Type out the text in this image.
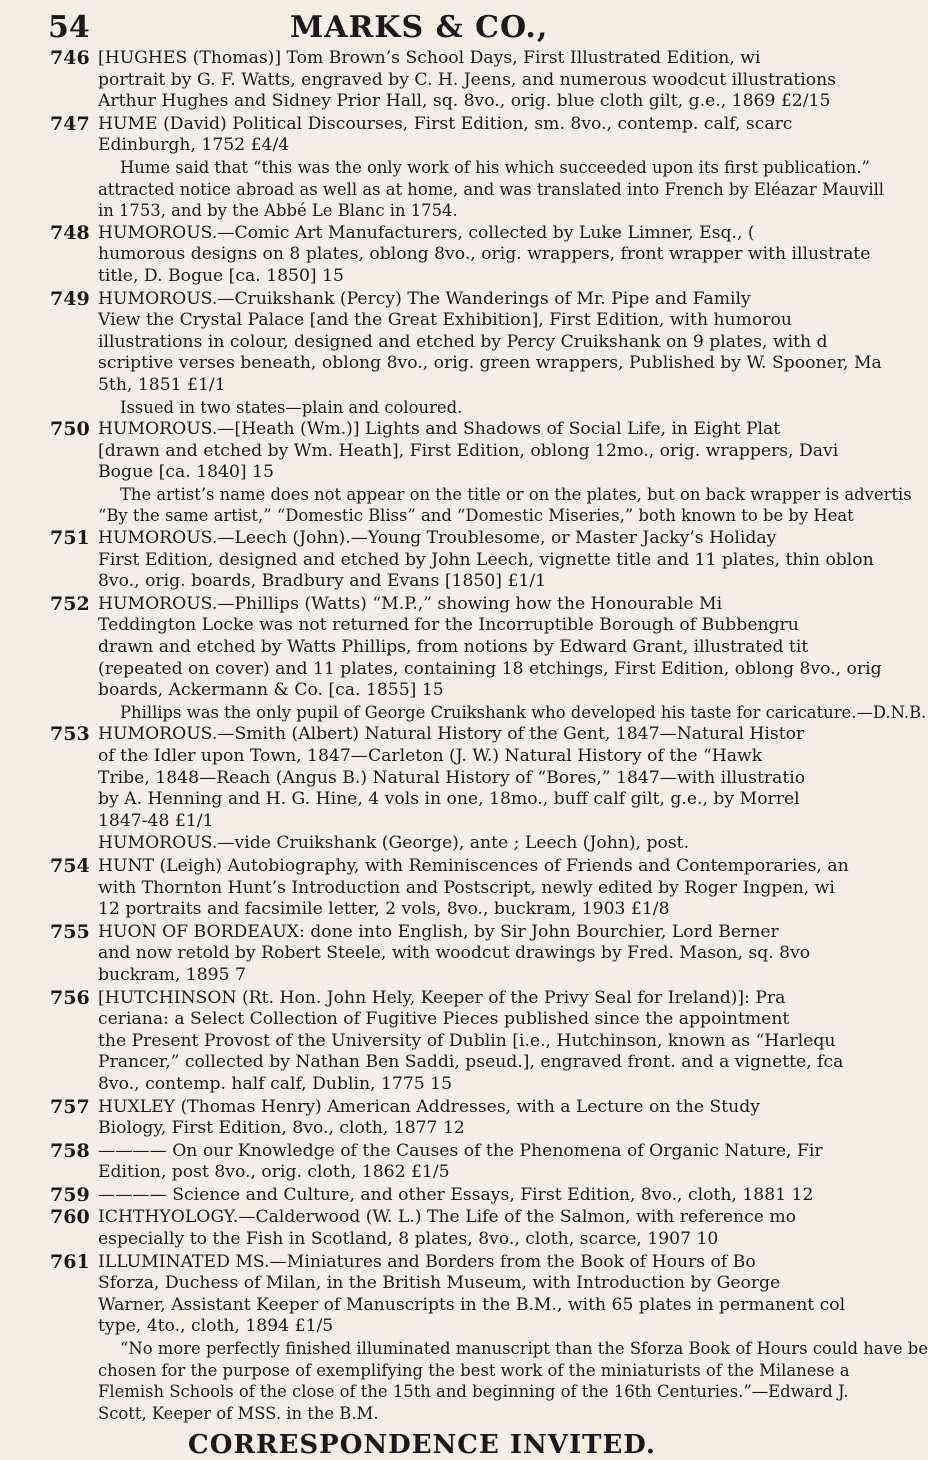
54	MARKS & CO.,
746 [HUGHES (Thomas)] Tom Brown’s School Days, First Illustrated Edition, wi
portrait by G. F. Watts, engraved by C. H. Jeens, and numerous woodcut illustrations
Arthur Hughes and Sidney Prior Hall, sq. 8vo., orig. blue cloth gilt, g.e., 1869 £2/15
747 HUME (David) Political Discourses, First Edition, sm. 8vo., contemp. calf, scarc
Edinburgh, 1752 £4/4
Hume said that “this was the only work of his which succeeded upon its first publication.”
attracted notice abroad as well as at home, and was translated into French by Eléazar Mauvill
in 1753, and by the Abbé Le Blanc in 1754.
748 HUMOROUS.—Comic Art Manufacturers, collected by Luke Limner, Esq., (
humorous designs on 8 plates, oblong 8vo., orig. wrappers, front wrapper with illustrate
title, D. Bogue [ca. 1850] 15
749 HUMOROUS.—Cruikshank (Percy) The Wanderings of Mr. Pipe and Family
View the Crystal Palace [and the Great Exhibition], First Edition, with humorou
illustrations in colour, designed and etched by Percy Cruikshank on 9 plates, with d
scriptive verses beneath, oblong 8vo., orig. green wrappers, Published by W. Spooner, Ma
5th, 1851 £1/1
Issued in two states—plain and coloured.
750 HUMOROUS.—[Heath (Wm.)] Lights and Shadows of Social Life, in Eight Plat
[drawn and etched by Wm. Heath], First Edition, oblong 12mo., orig. wrappers, Davi
Bogue [ca. 1840] 15
The artist’s name does not appear on the title or on the plates, but on back wrapper is advertis
“By the same artist,” “Domestic Bliss” and “Domestic Miseries,” both known to be by Heat
751 HUMOROUS.—Leech (John).—Young Troublesome, or Master Jacky’s Holiday
First Edition, designed and etched by John Leech, vignette title and 11 plates, thin oblon
8vo., orig. boards, Bradbury and Evans [1850] £1/1
752 HUMOROUS.—Phillips (Watts) “M.P.,” showing how the Honourable Mi
Teddington Locke was not returned for the Incorruptible Borough of Bubbengru
drawn and etched by Watts Phillips, from notions by Edward Grant, illustrated tit
(repeated on cover) and 11 plates, containing 18 etchings, First Edition, oblong 8vo., orig
boards, Ackermann & Co. [ca. 1855] 15
Phillips was the only pupil of George Cruikshank who developed his taste for caricature.—D.N.B.
753 HUMOROUS.—Smith (Albert) Natural History of the Gent, 1847—Natural Histor
of the Idler upon Town, 1847—Carleton (J. W.) Natural History of the “Hawk
Tribe, 1848—Reach (Angus B.) Natural History of “Bores,” 1847—with illustratio
by A. Henning and H. G. Hine, 4 vols in one, 18mo., buff calf gilt, g.e., by Morrel
1847-48 £1/1
HUMOROUS.—vide Cruikshank (George), ante ; Leech (John), post.
754 HUNT (Leigh) Autobiography, with Reminiscences of Friends and Contemporaries, an
with Thornton Hunt’s Introduction and Postscript, newly edited by Roger Ingpen, wi
12 portraits and facsimile letter, 2 vols, 8vo., buckram, 1903 £1/8
755 HUON OF BORDEAUX: done into English, by Sir John Bourchier, Lord Berner
and now retold by Robert Steele, with woodcut drawings by Fred. Mason, sq. 8vo
buckram, 1895 7
756 [HUTCHINSON (Rt. Hon. John Hely, Keeper of the Privy Seal for Ireland)]: Pra
ceriana: a Select Collection of Fugitive Pieces published since the appointment
the Present Provost of the University of Dublin [i.e., Hutchinson, known as “Harlequ
Prancer,” collected by Nathan Ben Saddi, pseud.], engraved front. and a vignette, fca
8vo., contemp. half calf, Dublin, 1775 15
757 HUXLEY (Thomas Henry) American Addresses, with a Lecture on the Study
Biology, First Edition, 8vo., cloth, 1877 12
758 ———— On our Knowledge of the Causes of the Phenomena of Organic Nature, Fir
Edition, post 8vo., orig. cloth, 1862 £1/5
759 ———— Science and Culture, and other Essays, First Edition, 8vo., cloth, 1881 12
760 ICHTHYOLOGY.—Calderwood (W. L.) The Life of the Salmon, with reference mo
especially to the Fish in Scotland, 8 plates, 8vo., cloth, scarce, 1907 10
761 ILLUMINATED MS.—Miniatures and Borders from the Book of Hours of Bo
Sforza, Duchess of Milan, in the British Museum, with Introduction by George
Warner, Assistant Keeper of Manuscripts in the B.M., with 65 plates in permanent col
type, 4to., cloth, 1894 £1/5
“No more perfectly finished illuminated manuscript than the Sforza Book of Hours could have be
chosen for the purpose of exemplifying the best work of the miniaturists of the Milanese a
Flemish Schools of the close of the 15th and beginning of the 16th Centuries.”—Edward J.
Scott, Keeper of MSS. in the B.M.
CORRESPONDENCE INVITED.
